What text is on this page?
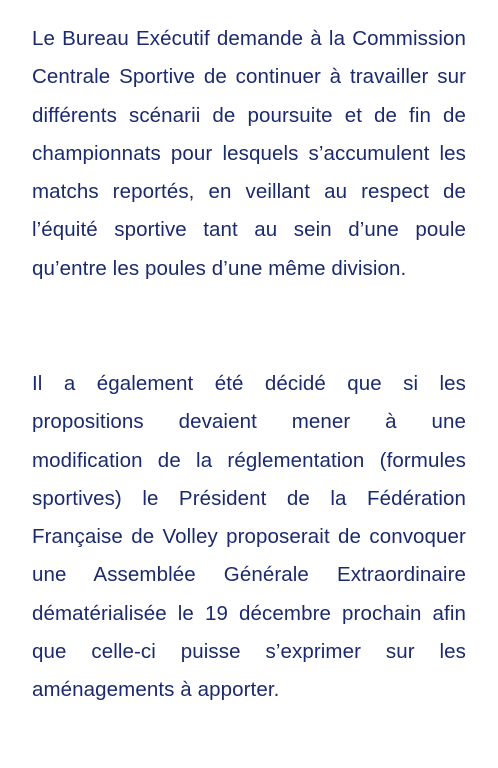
Le Bureau Exécutif demande à la Commission Centrale Sportive de continuer à travailler sur différents scénarii de poursuite et de fin de championnats pour lesquels s’accumulent les matchs reportés, en veillant au respect de l’équité sportive tant au sein d’une poule qu’entre les poules d’une même division.

Il a également été décidé que si les propositions devaient mener à une modification de la réglementation (formules sportives) le Président de la Fédération Française de Volley proposerait de convoquer une Assemblée Générale Extraordinaire dématérialisée le 19 décembre prochain afin que celle-ci puisse s’exprimer sur les aménagements à apporter.
